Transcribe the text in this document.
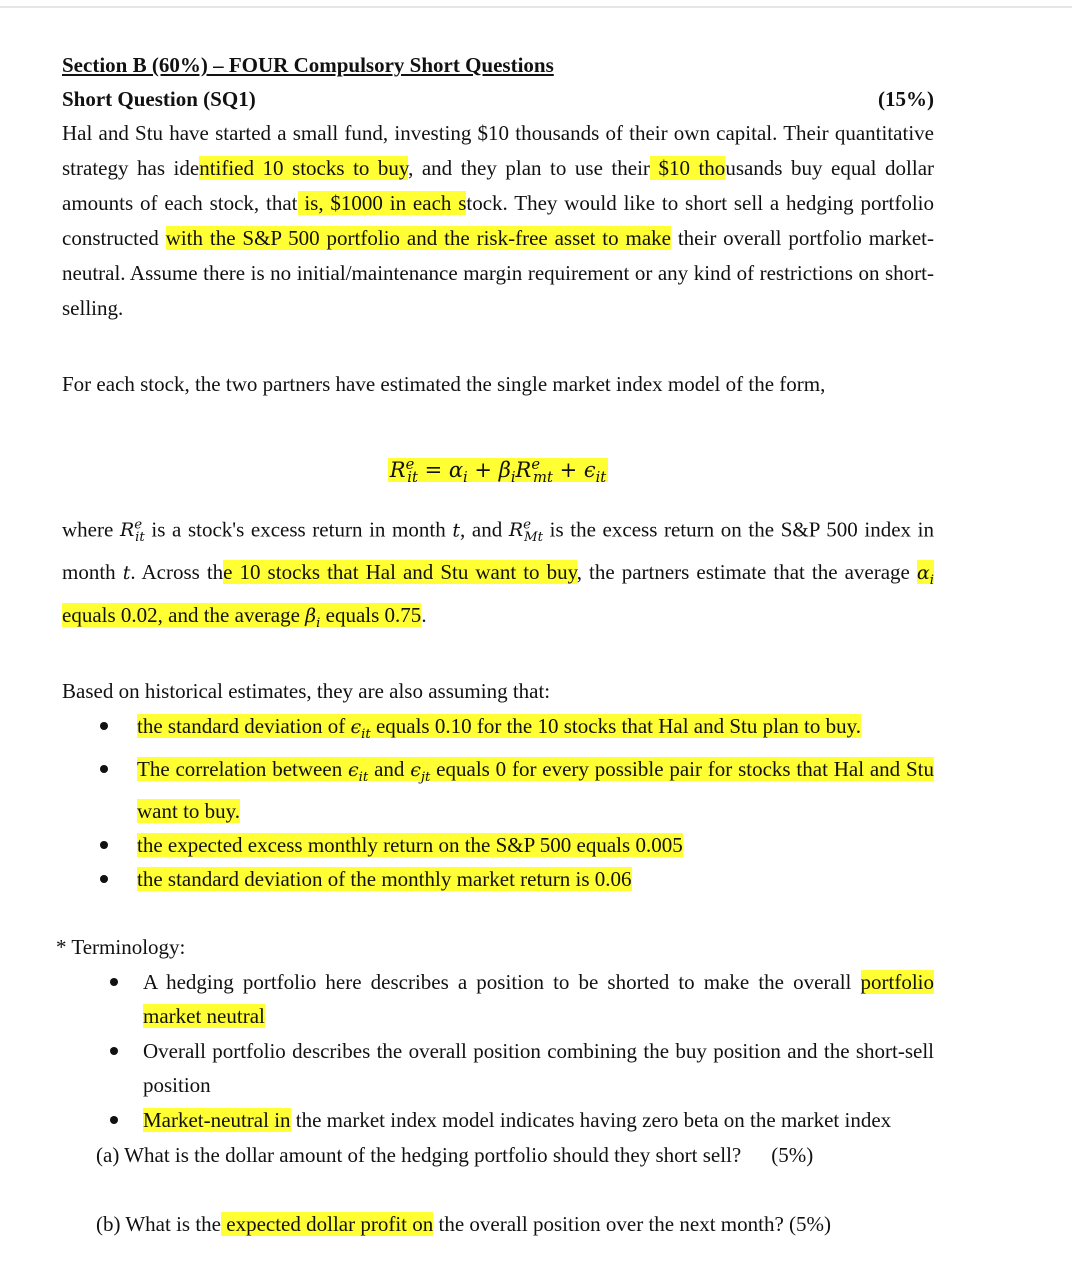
Section B (60%) – FOUR Compulsory Short Questions
Short Question (SQ1)	(15%)

Hal and Stu have started a small fund, investing $10 thousands of their own capital. Their quantitative strategy has identified 10 stocks to buy, and they plan to use their $10 thousands buy equal dollar amounts of each stock, that is, $1000 in each stock. They would like to short sell a hedging portfolio constructed with the S&P 500 portfolio and the risk-free asset to make their overall portfolio market-neutral. Assume there is no initial/maintenance margin requirement or any kind of restrictions on short-selling.

For each stock, the two partners have estimated the single market index model of the form,

$R^e_{it} = \alpha_i + \beta_iR^e_{mt} + \epsilon_{it}$

where $R^e_{it}$ is a stock's excess return in month t, and $R^e_{Mt}$ is the excess return on the S&P 500 index in month t. Across the 10 stocks that Hal and Stu want to buy, the partners estimate that the average $\alpha_i$ equals 0.02, and the average $\beta_i$ equals 0.75.

Based on historical estimates, they are also assuming that:

the standard deviation of $\epsilon_{it}$ equals 0.10 for the 10 stocks that Hal and Stu plan to buy.
The correlation between $\epsilon_{it}$ and $\epsilon_{jt}$ equals 0 for every possible pair for stocks that Hal and Stu want to buy.
the expected excess monthly return on the S&P 500 equals 0.005
the standard deviation of the monthly market return is 0.06

* Terminology:

A hedging portfolio here describes a position to be shorted to make the overall portfolio market neutral
Overall portfolio describes the overall position combining the buy position and the short-sell position
Market-neutral in the market index model indicates having zero beta on the market index

(a) What is the dollar amount of the hedging portfolio should they short sell? (5%)

(b) What is the expected dollar profit on the overall position over the next month? (5%)
